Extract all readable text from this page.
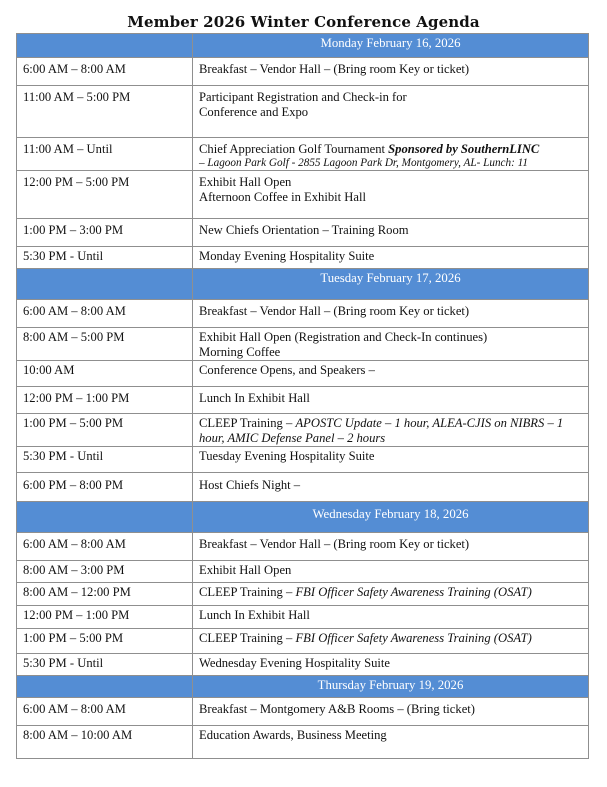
Member 2026 Winter Conference Agenda
	Monday February 16, 2026

6:00 AM – 8:00 AM	Breakfast – Vendor Hall – (Bring room Key or ticket)

11:00 AM – 5:00 PM	Participant Registration and Check-in for
Conference and Expo

11:00 AM – Until	Chief Appreciation Golf Tournament Sponsored by SouthernLINC
– Lagoon Park Golf - 2855 Lagoon Park Dr, Montgomery, AL- Lunch: 11

12:00 PM – 5:00 PM	Exhibit Hall Open
Afternoon Coffee in Exhibit Hall

1:00 PM – 3:00 PM	New Chiefs Orientation – Training Room

5:30 PM - Until	Monday Evening Hospitality Suite

	Tuesday February 17, 2026

6:00 AM – 8:00 AM	Breakfast – Vendor Hall – (Bring room Key or ticket)

8:00 AM – 5:00 PM	Exhibit Hall Open (Registration and Check-In continues)
Morning Coffee

10:00 AM	Conference Opens, and Speakers –

12:00 PM – 1:00 PM	Lunch In Exhibit Hall

1:00 PM – 5:00 PM	CLEEP Training – APOSTC Update – 1 hour, ALEA-CJIS on NIBRS – 1
hour, AMIC Defense Panel – 2 hours

5:30 PM - Until	Tuesday Evening Hospitality Suite

6:00 PM – 8:00 PM	Host Chiefs Night –

	Wednesday February 18, 2026

6:00 AM – 8:00 AM	Breakfast – Vendor Hall – (Bring room Key or ticket)

8:00 AM – 3:00 PM	Exhibit Hall Open

8:00 AM – 12:00 PM	CLEEP Training – FBI Officer Safety Awareness Training (OSAT)

12:00 PM – 1:00 PM	Lunch In Exhibit Hall

1:00 PM – 5:00 PM	CLEEP Training – FBI Officer Safety Awareness Training (OSAT)

5:30 PM - Until	Wednesday Evening Hospitality Suite

	Thursday February 19, 2026

6:00 AM – 8:00 AM	Breakfast – Montgomery A&B Rooms – (Bring ticket)

8:00 AM – 10:00 AM	Education Awards, Business Meeting
